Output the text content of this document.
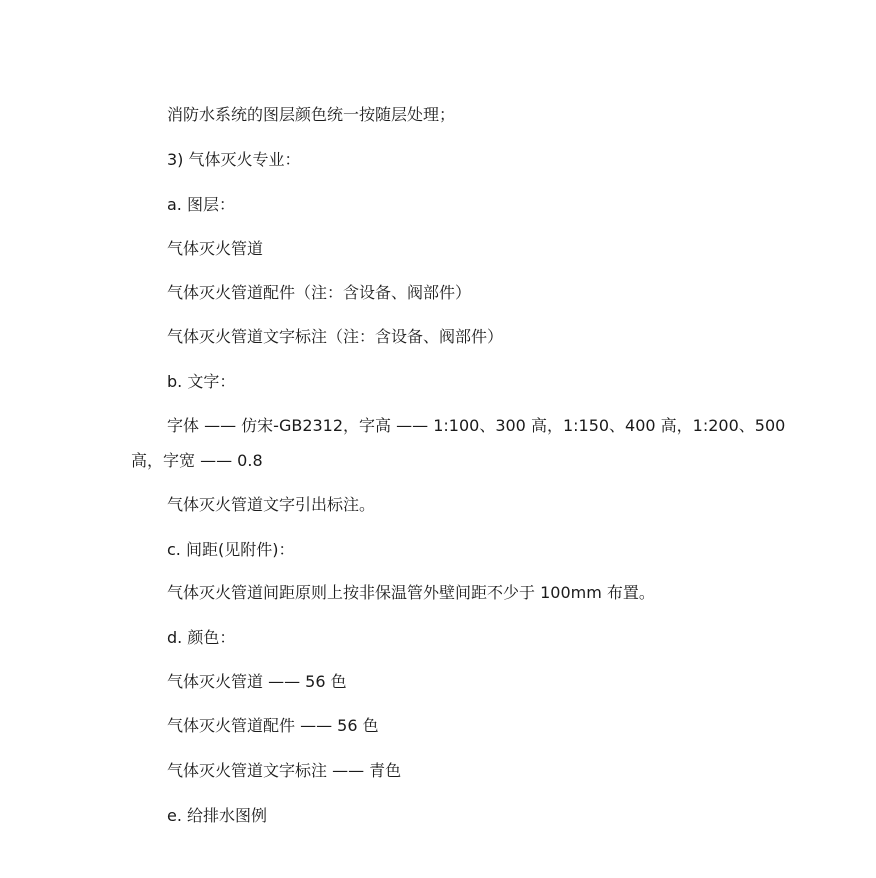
消防水系统的图层颜色统一按随层处理；
3) 气体灭火专业：
a. 图层：
气体灭火管道
气体灭火管道配件（注：含设备、阀部件）
气体灭火管道文字标注（注：含设备、阀部件）
b. 文字：
字体 —— 仿宋-GB2312，字高 —— 1:100、300 高，1:150、400 高，1:200、500
高，字宽 —— 0.8
气体灭火管道文字引出标注。
c. 间距(见附件)：
气体灭火管道间距原则上按非保温管外壁间距不少于 100mm 布置。
d. 颜色：
气体灭火管道 —— 56 色
气体灭火管道配件 —— 56 色
气体灭火管道文字标注 —— 青色
e. 给排水图例
